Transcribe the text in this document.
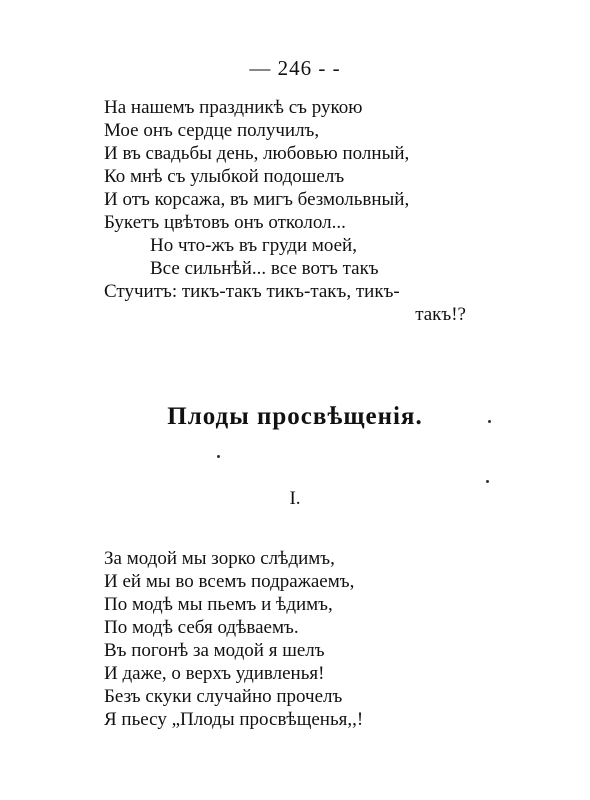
— 246 - -
На нашемъ праздникѣ съ рукою
Мое онъ сердце получилъ,
И въ свадьбы день, любовью полный,
Ко мнѣ съ улыбкой подошелъ
И отъ корсажа, въ мигъ безмольвный,
Букетъ цвѣтовъ онъ отколол...
Но что-жъ въ груди моей,
Все сильнѣй... все вотъ такъ
Стучитъ: тикъ-такъ тикъ-такъ, тикъ-
такъ!?
Плоды просвѣщенія.
I.
За модой мы зорко слѣдимъ,
И ей мы во всемъ подражаемъ,
По модѣ мы пьемъ и ѣдимъ,
По модѣ себя одѣваемъ.
Въ погонѣ за модой я шелъ
И даже, о верхъ удивленья!
Безъ скуки случайно прочелъ
Я пьесу „Плоды просвѣщенья,,!
